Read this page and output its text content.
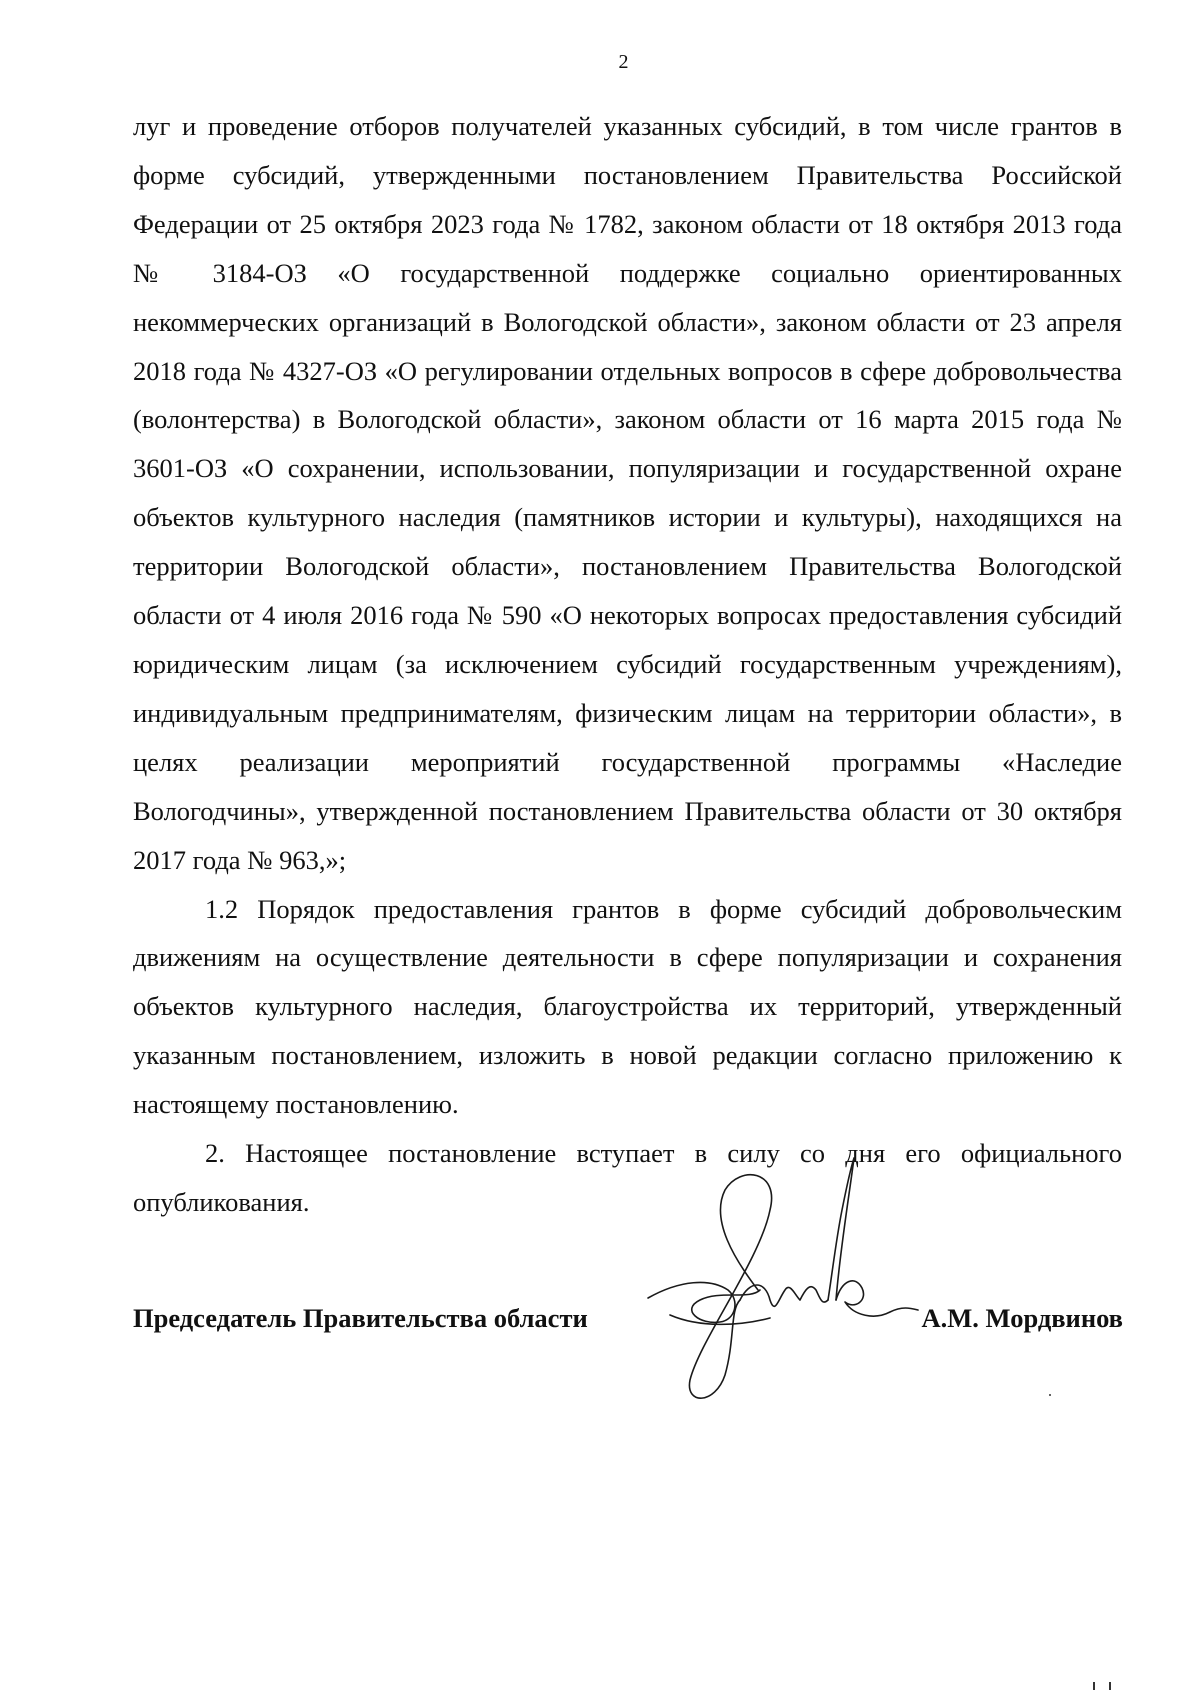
2

луг и проведение отборов получателей указанных субсидий, в том числе грантов в форме субсидий, утвержденными постановлением Правительства Российской Федерации от 25 октября 2023 года № 1782, законом области от 18 октября 2013 года № 3184-ОЗ «О государственной поддержке социально ориентированных некоммерческих организаций в Вологодской области», законом области от 23 апреля 2018 года № 4327-ОЗ «О регулировании отдельных вопросов в сфере добровольчества (волонтерства) в Вологодской области», законом области от 16 марта 2015 года № 3601-ОЗ «О сохранении, использовании, популяризации и государственной охране объектов культурного наследия (памятников истории и культуры), находящихся на территории Вологодской области», постановлением Правительства Вологодской области от 4 июля 2016 года № 590 «О некоторых вопросах предоставления субсидий юридическим лицам (за исключением субсидий государственным учреждениям), индивидуальным предпринимателям, физическим лицам на территории области», в целях реализации мероприятий государственной программы «Наследие Вологодчины», утвержденной постановлением Правительства области от 30 октября 2017 года № 963,»;

1.2 Порядок предоставления грантов в форме субсидий добровольческим движениям на осуществление деятельности в сфере популяризации и сохранения объектов культурного наследия, благоустройства их территорий, утвержденный указанным постановлением, изложить в новой редакции согласно приложению к настоящему постановлению.

2. Настоящее постановление вступает в силу со дня его официального опубликования.

Председатель Правительства области	А.М. Мордвинов
